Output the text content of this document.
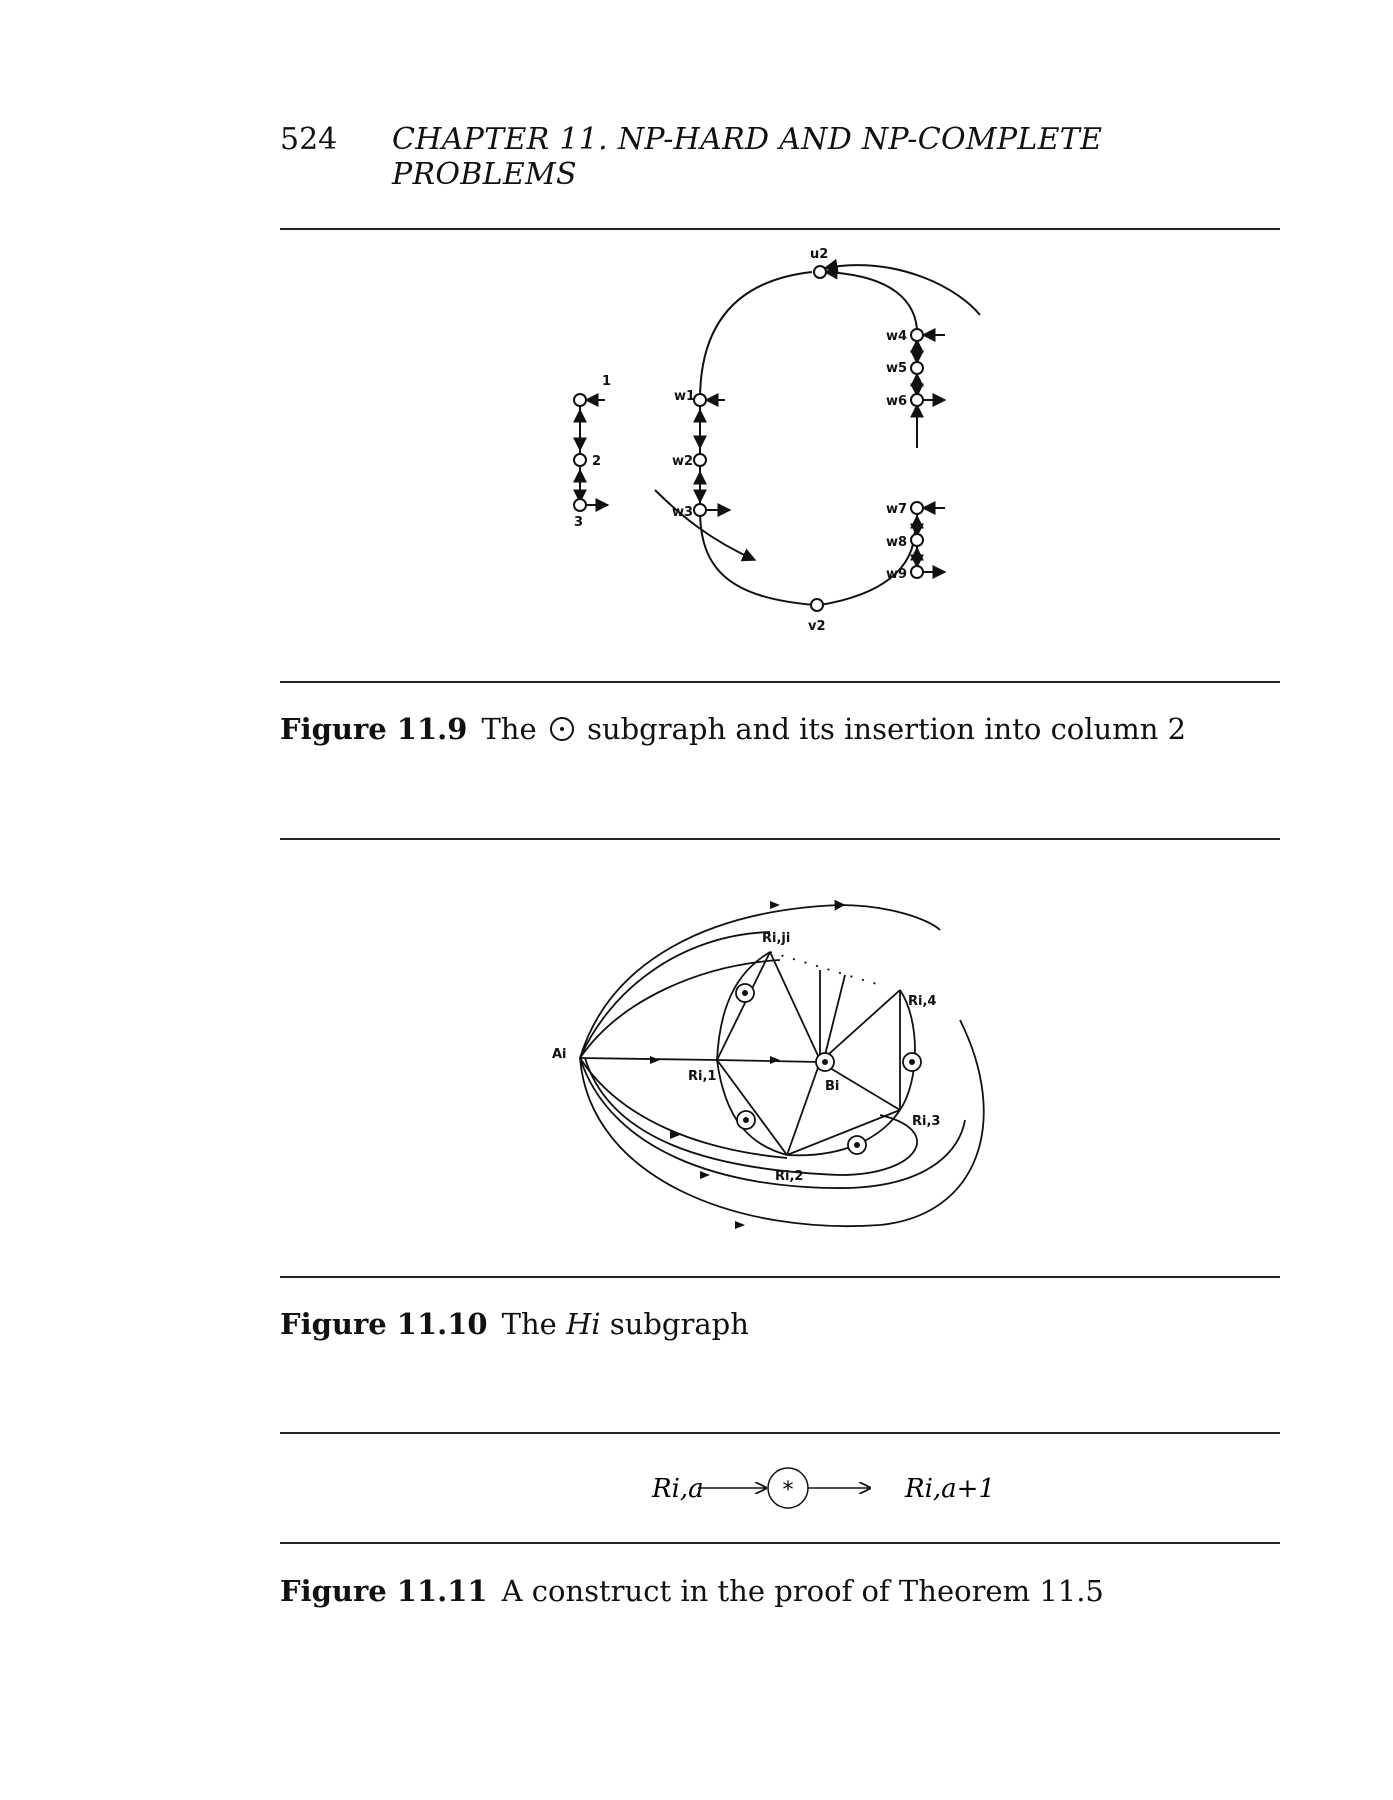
524 CHAPTER 11. NP-HARD AND NP-COMPLETE PROBLEMS
1
2
3
u2
w1
w2
w3
w4
w5
w6
w7
w8
w9
v2
Figure 11.9 The subgraph and its insertion into column 2
Ai
Ri,1
Ri,2
Ri,3
Ri,4
Ri,ji
Bi
Figure 11.10 The Hi subgraph
Ri,a	*	Ri,a+1
Figure 11.11 A construct in the proof of Theorem 11.5
